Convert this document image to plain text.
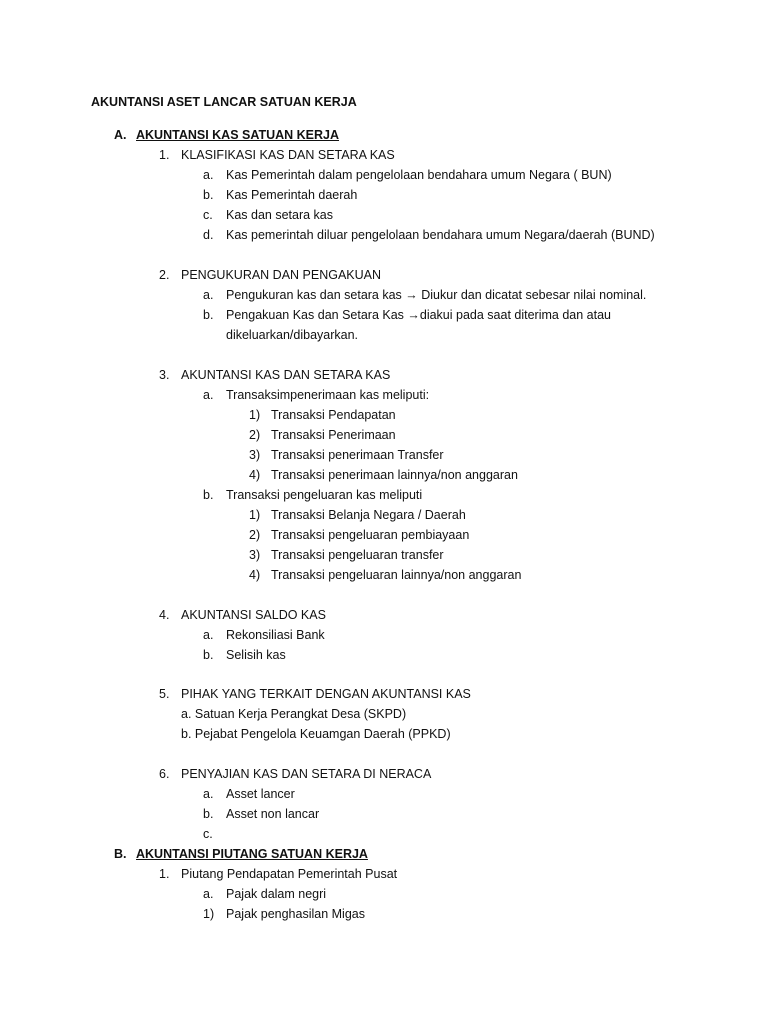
AKUNTANSI ASET LANCAR SATUAN KERJA
A. AKUNTANSI KAS SATUAN KERJA
1. KLASIFIKASI KAS DAN SETARA KAS
a. Kas Pemerintah dalam pengelolaan bendahara umum Negara ( BUN)
b. Kas Pemerintah daerah
c. Kas dan setara kas
d. Kas pemerintah diluar pengelolaan bendahara umum Negara/daerah (BUND)
2. PENGUKURAN DAN PENGAKUAN
a. Pengukuran kas dan setara kas → Diukur dan dicatat sebesar nilai nominal.
b. Pengakuan Kas dan Setara Kas →diakui pada saat diterima dan atau
dikeluarkan/dibayarkan.
3. AKUNTANSI KAS DAN SETARA KAS
a. Transaksimpenerimaan kas meliputi:
1) Transaksi Pendapatan
2) Transaksi Penerimaan
3) Transaksi penerimaan Transfer
4) Transaksi penerimaan lainnya/non anggaran
b. Transaksi pengeluaran kas meliputi
1) Transaksi Belanja Negara / Daerah
2) Transaksi pengeluaran pembiayaan
3) Transaksi pengeluaran transfer
4) Transaksi pengeluaran lainnya/non anggaran
4. AKUNTANSI SALDO KAS
a. Rekonsiliasi Bank
b. Selisih kas
5. PIHAK YANG TERKAIT DENGAN AKUNTANSI KAS
a. Satuan Kerja Perangkat Desa (SKPD)
b. Pejabat Pengelola Keuamgan Daerah (PPKD)
6. PENYAJIAN KAS DAN SETARA DI NERACA
a. Asset lancer
b. Asset non lancar
c.
B. AKUNTANSI PIUTANG SATUAN KERJA
1. Piutang Pendapatan Pemerintah Pusat
a. Pajak dalam negri
1) Pajak penghasilan Migas
